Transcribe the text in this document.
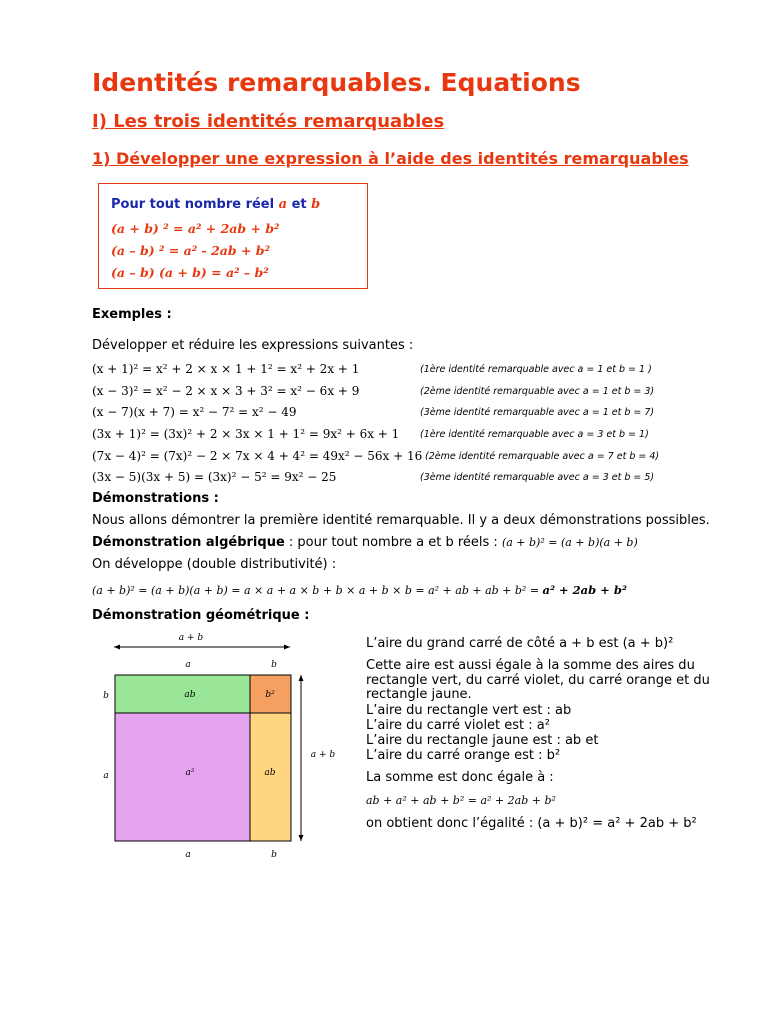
Identités remarquables. Equations
I) Les trois identités remarquables
1) Développer une expression à l’aide des identités remarquables
Pour tout nombre réel a et b
(a + b) ² = a² + 2ab + b²
(a – b) ² = a² - 2ab + b²
(a – b) (a + b) = a² – b²
Exemples :
Développer et réduire les expressions suivantes :
(x + 1)² = x² + 2 × x × 1 + 1² = x² + 2x + 1	(1ère identité remarquable avec a = 1 et b = 1 )
(x − 3)² = x² − 2 × x × 3 + 3² = x² − 6x + 9	(2ème identité remarquable avec a = 1 et b = 3)
(x − 7)(x + 7) = x² − 7² = x² − 49	(3ème identité remarquable avec a = 1 et b = 7)
(3x + 1)² = (3x)² + 2 × 3x × 1 + 1² = 9x² + 6x + 1 (1ère identité remarquable avec a = 3 et b = 1)
(7x − 4)² = (7x)² − 2 × 7x × 4 + 4² = 49x² − 56x + 16 (2ème identité remarquable avec a = 7 et b = 4)
(3x − 5)(3x + 5) = (3x)² − 5² = 9x² − 25	(3ème identité remarquable avec a = 3 et b = 5)
Démonstrations :
Nous allons démontrer la première identité remarquable. Il y a deux démonstrations possibles.
Démonstration algébrique : pour tout nombre a et b réels : (a + b)² = (a + b)(a + b)
On développe (double distributivité) :
(a + b)² = (a + b)(a + b) = a × a + a × b + b × a + b × b = a² + ab + ab + b² = a² + 2ab + b²
Démonstration géométrique :
a + b
a	b
ab	b²
a²	ab
b
a
a + b
a	b
L’aire du grand carré de côté a + b est (a + b)²
Cette aire est aussi égale à la somme des aires du rectangle vert, du carré violet, du carré orange et du rectangle jaune.
L’aire du rectangle vert est : ab
L’aire du carré violet est : a²
L’aire du rectangle jaune est : ab et
L’aire du carré orange est : b²
La somme est donc égale à :
ab + a² + ab + b² = a² + 2ab + b²
on obtient donc l’égalité : (a + b)² = a² + 2ab + b²
